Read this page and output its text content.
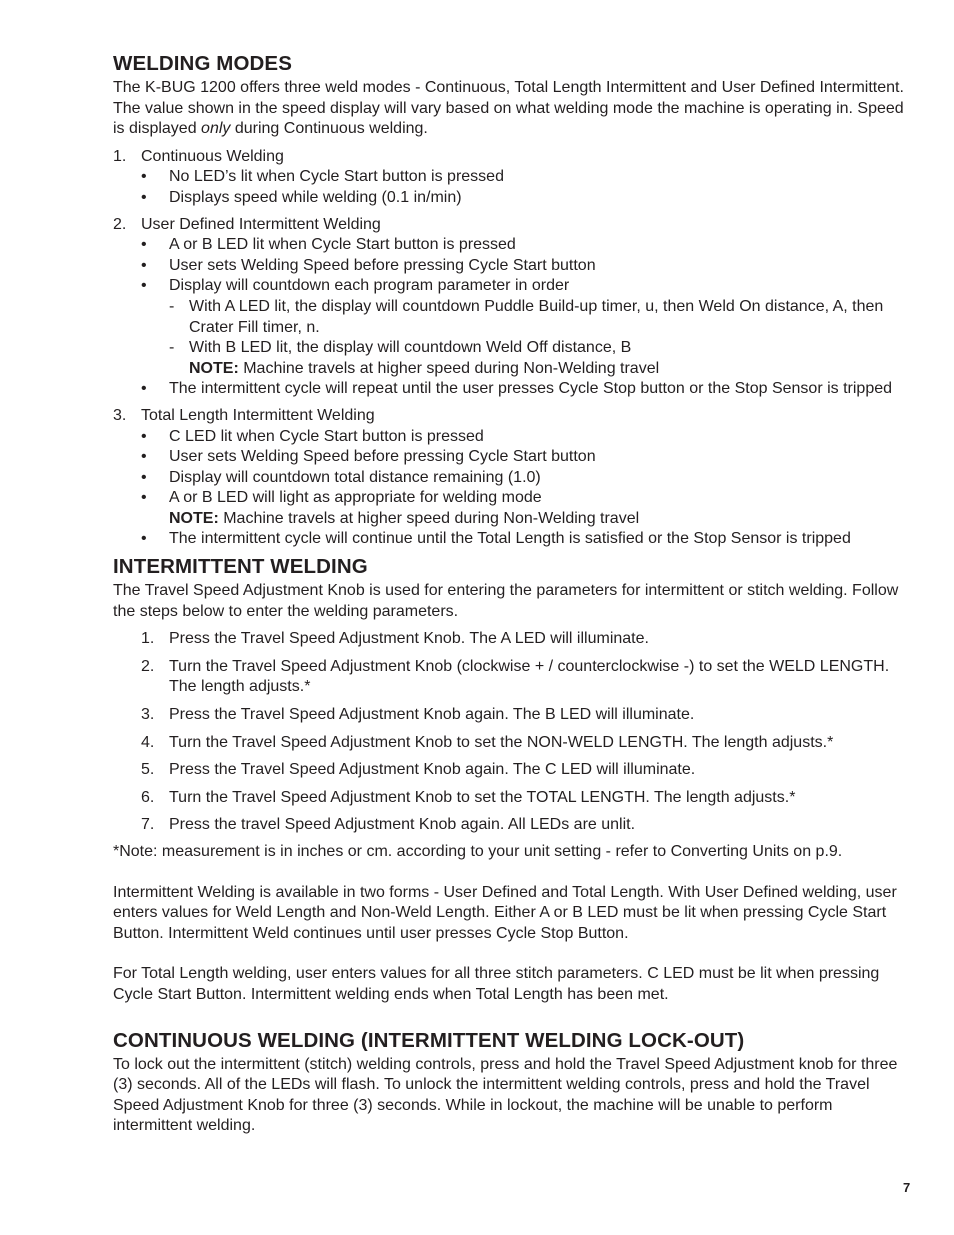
WELDING MODES

The K-BUG 1200 offers three weld modes - Continuous, Total Length Intermittent and User Defined Intermittent. The value shown in the speed display will vary based on what welding mode the machine is operating in. Speed is displayed only during Continuous welding.

1. Continuous Welding
• No LED’s lit when Cycle Start button is pressed
• Displays speed while welding (0.1 in/min)
2. User Defined Intermittent Welding
• A or B LED lit when Cycle Start button is pressed
• User sets Welding Speed before pressing Cycle Start button
• Display will countdown each program parameter in order
- With A LED lit, the display will countdown Puddle Build-up timer, u, then Weld On distance, A, then Crater Fill timer, n.
- With B LED lit, the display will countdown Weld Off distance, B
NOTE: Machine travels at higher speed during Non-Welding travel
• The intermittent cycle will repeat until the user presses Cycle Stop button or the Stop Sensor is tripped
3. Total Length Intermittent Welding
• C LED lit when Cycle Start button is pressed
• User sets Welding Speed before pressing Cycle Start button
• Display will countdown total distance remaining (1.0)
• A or B LED will light as appropriate for welding mode
NOTE: Machine travels at higher speed during Non-Welding travel
• The intermittent cycle will continue until the Total Length is satisfied or the Stop Sensor is tripped
INTERMITTENT WELDING

The Travel Speed Adjustment Knob is used for entering the parameters for intermittent or stitch welding. Follow the steps below to enter the welding parameters.

1. Press the Travel Speed Adjustment Knob. The A LED will illuminate.
2. Turn the Travel Speed Adjustment Knob (clockwise + / counterclockwise -) to set the WELD LENGTH. The length adjusts.*
3. Press the Travel Speed Adjustment Knob again. The B LED will illuminate.
4. Turn the Travel Speed Adjustment Knob to set the NON-WELD LENGTH. The length adjusts.*
5. Press the Travel Speed Adjustment Knob again. The C LED will illuminate.
6. Turn the Travel Speed Adjustment Knob to set the TOTAL LENGTH. The length adjusts.*
7. Press the travel Speed Adjustment Knob again. All LEDs are unlit.

*Note: measurement is in inches or cm. according to your unit setting - refer to Converting Units on p.9.

Intermittent Welding is available in two forms - User Defined and Total Length. With User Defined welding, user enters values for Weld Length and Non-Weld Length. Either A or B LED must be lit when pressing Cycle Start Button. Intermittent Weld continues until user presses Cycle Stop Button.

For Total Length welding, user enters values for all three stitch parameters. C LED must be lit when pressing Cycle Start Button. Intermittent welding ends when Total Length has been met.

CONTINUOUS WELDING (INTERMITTENT WELDING LOCK-OUT)

To lock out the intermittent (stitch) welding controls, press and hold the Travel Speed Adjustment knob for three (3) seconds. All of the LEDs will flash. To unlock the intermittent welding controls, press and hold the Travel Speed Adjustment Knob for three (3) seconds. While in lockout, the machine will be unable to perform intermittent welding.

7
